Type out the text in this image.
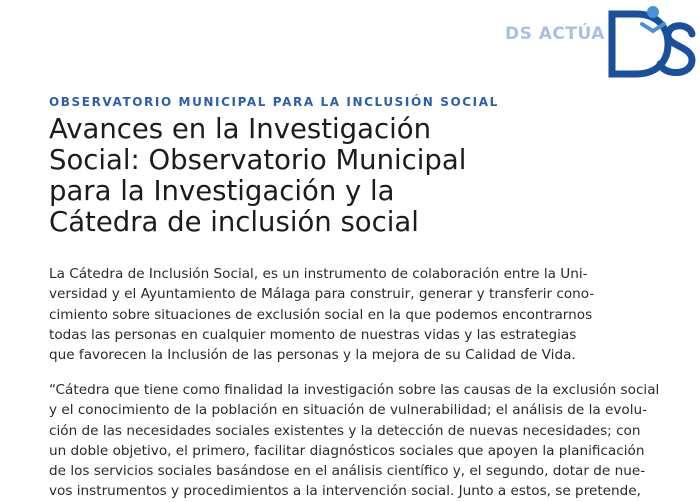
DS ACTÚA
OBSERVATORIO MUNICIPAL PARA LA INCLUSIÓN SOCIAL
Avances en la Investigación
Social: Observatorio Municipal
para la Investigación y la
Cátedra de inclusión social
La Cátedra de Inclusión Social, es un instrumento de colaboración entre la Uni-
versidad y el Ayuntamiento de Málaga para construir, generar y transferir cono-
cimiento sobre situaciones de exclusión social en la que podemos encontrarnos
todas las personas en cualquier momento de nuestras vidas y las estrategias
que favorecen la Inclusión de las personas y la mejora de su Calidad de Vida.
“Cátedra que tiene como finalidad la investigación sobre las causas de la exclusión social
y el conocimiento de la población en situación de vulnerabilidad; el análisis de la evolu-
ción de las necesidades sociales existentes y la detección de nuevas necesidades; con
un doble objetivo, el primero, facilitar diagnósticos sociales que apoyen la planificación
de los servicios sociales basándose en el análisis científico y, el segundo, dotar de nue-
vos instrumentos y procedimientos a la intervención social. Junto a estos, se pretende,
